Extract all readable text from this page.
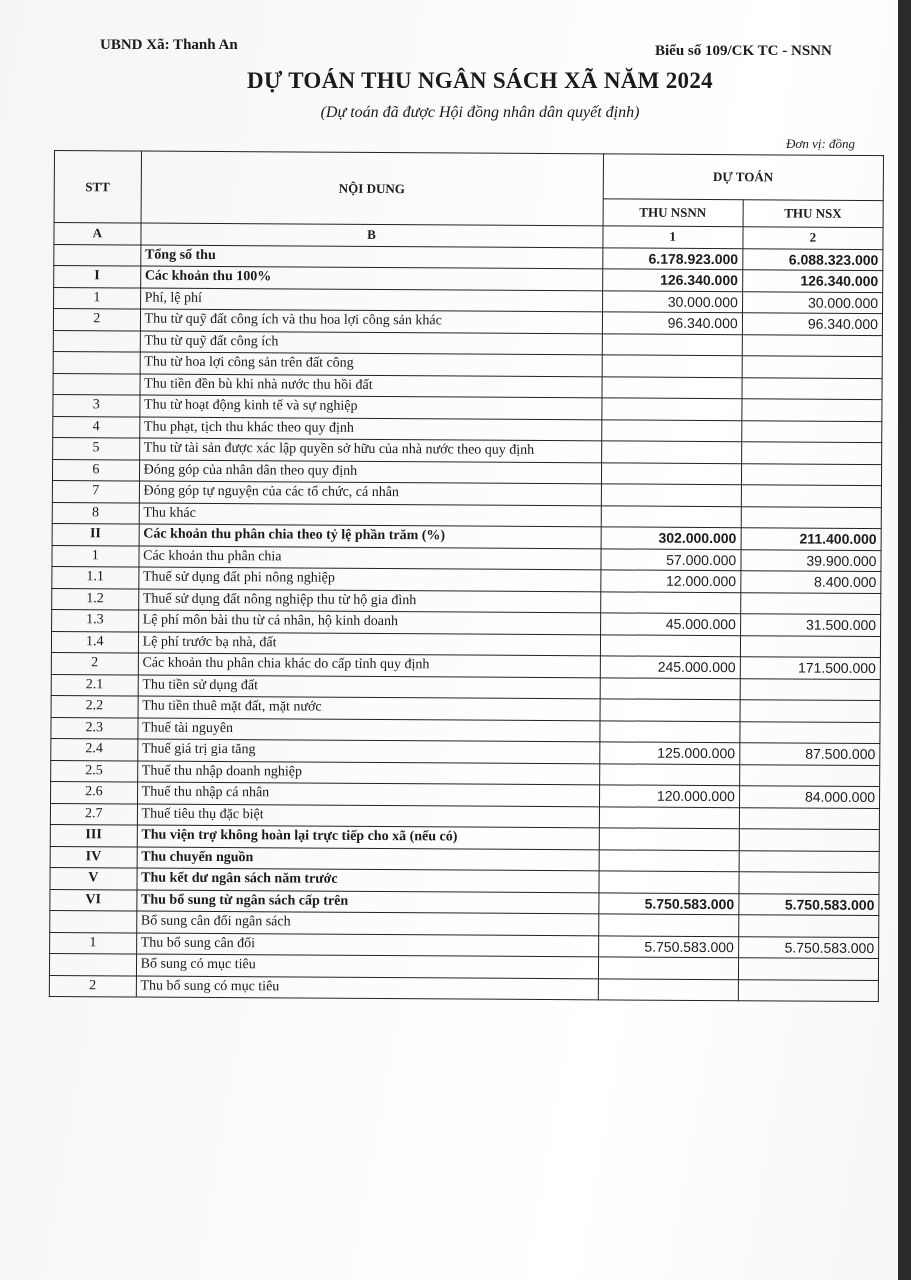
UBND Xã: Thanh An	Biểu số 109/CK TC - NSNN
DỰ TOÁN THU NGÂN SÁCH XÃ NĂM 2024
(Dự toán đã được Hội đồng nhân dân quyết định)
Đơn vị: đồng
STT	NỘI DUNG	DỰ TOÁN	
		THU NSNN	THU NSX
A	B	1	2
	Tổng số thu	6.178.923.000	6.088.323.000
I	Các khoản thu 100%	126.340.000	126.340.000
1	Phí, lệ phí	30.000.000	30.000.000
2	Thu từ quỹ đất công ích và thu hoa lợi công sản khác	96.340.000	96.340.000
	Thu từ quỹ đất công ích		
	Thu từ hoa lợi công sản trên đất công		
	Thu tiền đền bù khi nhà nước thu hồi đất		
3	Thu từ hoạt động kinh tế và sự nghiệp		
4	Thu phạt, tịch thu khác theo quy định		
5	Thu từ tài sản được xác lập quyền sở hữu của nhà nước theo quy định		
6	Đóng góp của nhân dân theo quy định		
7	Đóng góp tự nguyện của các tổ chức, cá nhân		
8	Thu khác		
II	Các khoản thu phân chia theo tỷ lệ phần trăm (%)	302.000.000	211.400.000
1	Các khoản thu phân chia	57.000.000	39.900.000
1.1	Thuế sử dụng đất phi nông nghiệp	12.000.000	8.400.000
1.2	Thuế sử dụng đất nông nghiệp thu từ hộ gia đình		
1.3	Lệ phí môn bài thu từ cá nhân, hộ kinh doanh	45.000.000	31.500.000
1.4	Lệ phí trước bạ nhà, đất		
2	Các khoản thu phân chia khác do cấp tỉnh quy định	245.000.000	171.500.000
2.1	Thu tiền sử dụng đất		
2.2	Thu tiền thuê mặt đất, mặt nước		
2.3	Thuế tài nguyên		
2.4	Thuế giá trị gia tăng	125.000.000	87.500.000
2.5	Thuế thu nhập doanh nghiệp		
2.6	Thuế thu nhập cá nhân	120.000.000	84.000.000
2.7	Thuế tiêu thụ đặc biệt		
III	Thu viện trợ không hoàn lại trực tiếp cho xã (nếu có)		
IV	Thu chuyển nguồn		
V	Thu kết dư ngân sách năm trước		
VI	Thu bổ sung từ ngân sách cấp trên	5.750.583.000	5.750.583.000
	Bổ sung cân đối ngân sách		
1	Thu bổ sung cân đối	5.750.583.000	5.750.583.000
	Bổ sung có mục tiêu		
2	Thu bổ sung có mục tiêu		
